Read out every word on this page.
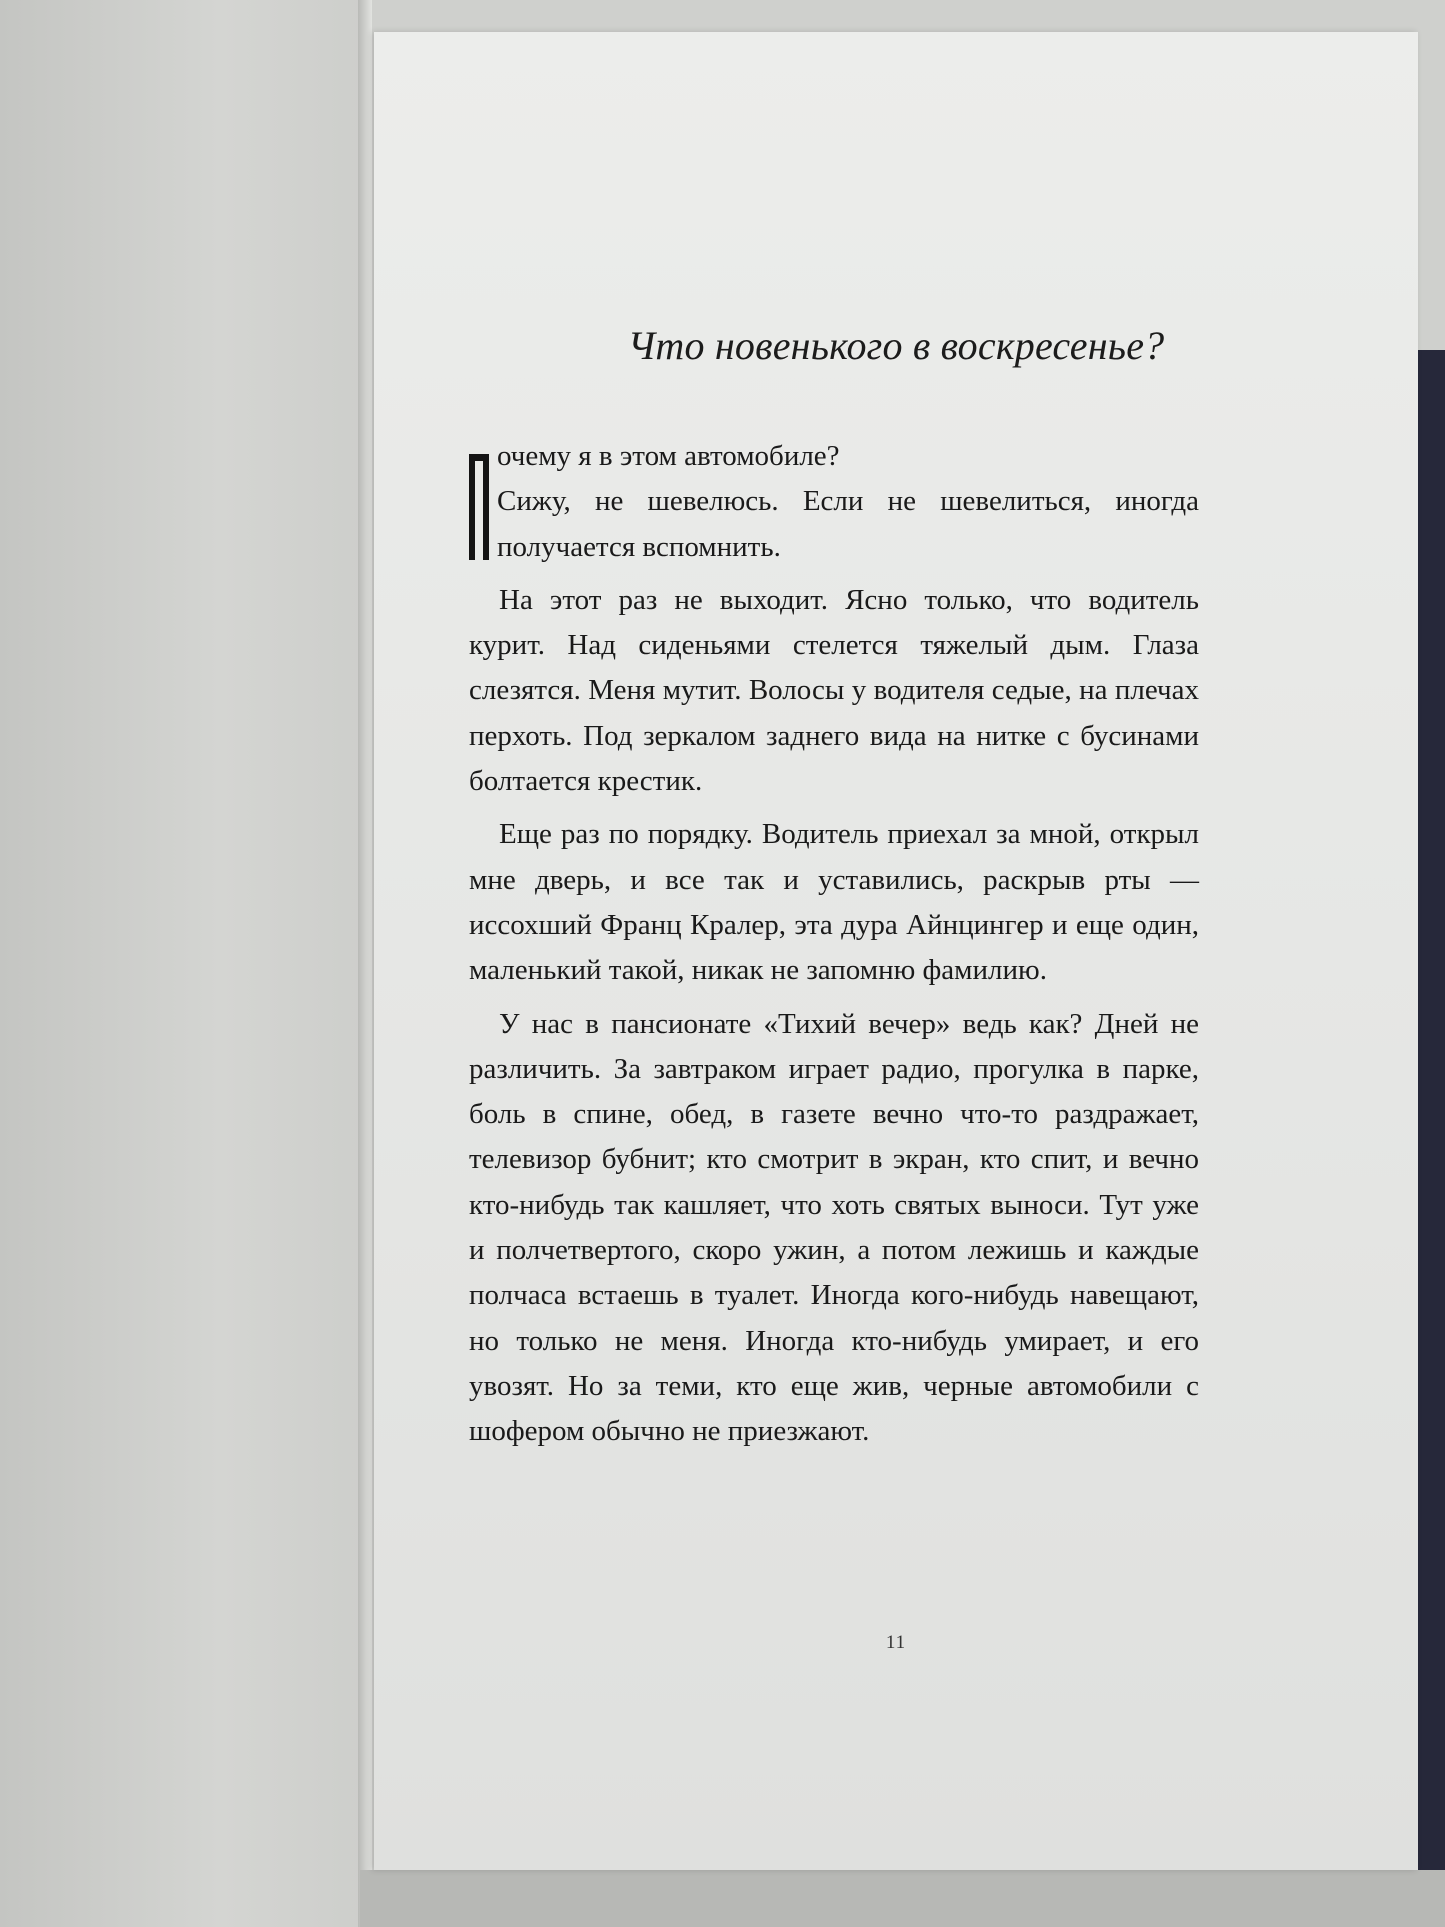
Что новенького в воскресенье?

очему я в этом автомобиле?
Сижу, не шевелюсь. Если не шевелиться, иногда получается вспомнить.

На этот раз не выходит. Ясно только, что водитель курит. Над сиденьями стелется тяжелый дым. Глаза слезятся. Меня мутит. Волосы у водителя седые, на плечах перхоть. Под зеркалом заднего вида на нитке с бусинами болтается крестик.

Еще раз по порядку. Водитель приехал за мной, открыл мне дверь, и все так и уставились, раскрыв рты — иссохший Франц Кралер, эта дура Айнцингер и еще один, маленький такой, никак не запомню фамилию.

У нас в пансионате «Тихий вечер» ведь как? Дней не различить. За завтраком играет радио, прогулка в парке, боль в спине, обед, в газете вечно что-то раздражает, телевизор бубнит; кто смотрит в экран, кто спит, и вечно кто-нибудь так кашляет, что хоть святых выноси. Тут уже и полчетвертого, скоро ужин, а потом лежишь и каждые полчаса встаешь в туалет. Иногда кого-нибудь навещают, но только не меня. Иногда кто-нибудь умирает, и его увозят. Но за теми, кто еще жив, черные автомобили с шофером обычно не приезжают.

11
